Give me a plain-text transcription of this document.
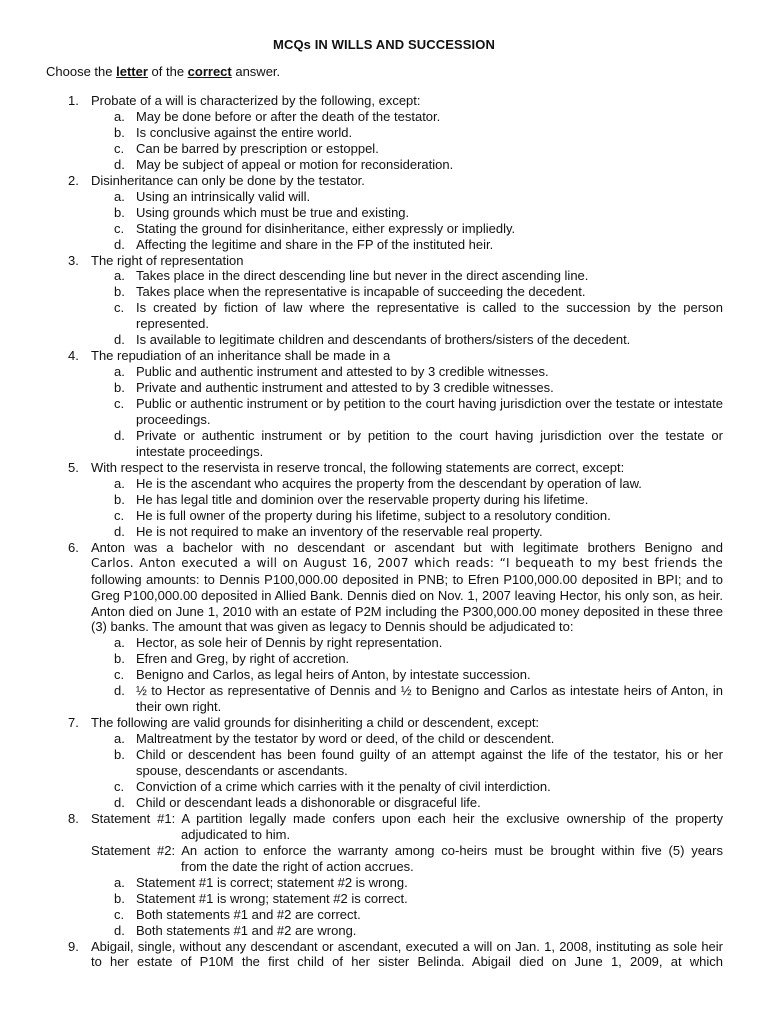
MCQs IN WILLS AND SUCCESSION
Choose the letter of the correct answer.
1. Probate of a will is characterized by the following, except:
a. May be done before or after the death of the testator.
b. Is conclusive against the entire world.
c. Can be barred by prescription or estoppel.
d. May be subject of appeal or motion for reconsideration.
2. Disinheritance can only be done by the testator.
a. Using an intrinsically valid will.
b. Using grounds which must be true and existing.
c. Stating the ground for disinheritance, either expressly or impliedly.
d. Affecting the legitime and share in the FP of the instituted heir.
3. The right of representation
a. Takes place in the direct descending line but never in the direct ascending line.
b. Takes place when the representative is incapable of succeeding the decedent.
c. Is created by fiction of law where the representative is called to the succession by the person represented.
d. Is available to legitimate children and descendants of brothers/sisters of the decedent.
4. The repudiation of an inheritance shall be made in a
a. Public and authentic instrument and attested to by 3 credible witnesses.
b. Private and authentic instrument and attested to by 3 credible witnesses.
c. Public or authentic instrument or by petition to the court having jurisdiction over the testate or intestate proceedings.
d. Private or authentic instrument or by petition to the court having jurisdiction over the testate or intestate proceedings.
5. With respect to the reservista in reserve troncal, the following statements are correct, except:
a. He is the ascendant who acquires the property from the descendant by operation of law.
b. He has legal title and dominion over the reservable property during his lifetime.
c. He is full owner of the property during his lifetime, subject to a resolutory condition.
d. He is not required to make an inventory of the reservable real property.
6. Anton was a bachelor with no descendant or ascendant but with legitimate brothers Benigno and
Carlos. Anton executed a will on August 16, 2007 which reads: “I bequeath to my best friends the
following amounts: to Dennis P100,000.00 deposited in PNB; to Efren P100,000.00 deposited in BPI; and to Greg P100,000.00 deposited in Allied Bank. Dennis died on Nov. 1, 2007 leaving Hector, his only son, as heir. Anton died on June 1, 2010 with an estate of P2M including the P300,000.00 money deposited in these three (3) banks. The amount that was given as legacy to Dennis should be adjudicated to:
a. Hector, as sole heir of Dennis by right representation.
b. Efren and Greg, by right of accretion.
c. Benigno and Carlos, as legal heirs of Anton, by intestate succession.
d. ½ to Hector as representative of Dennis and ½ to Benigno and Carlos as intestate heirs of Anton, in their own right.
7. The following are valid grounds for disinheriting a child or descendent, except:
a. Maltreatment by the testator by word or deed, of the child or descendent.
b. Child or descendent has been found guilty of an attempt against the life of the testator, his or her spouse, descendants or ascendants.
c. Conviction of a crime which carries with it the penalty of civil interdiction.
d. Child or descendant leads a dishonorable or disgraceful life.
8. Statement #1: A partition legally made confers upon each heir the exclusive ownership of the property
adjudicated to him.
Statement #2: An action to enforce the warranty among co-heirs must be brought within five (5) years
from the date the right of action accrues.
a. Statement #1 is correct; statement #2 is wrong.
b. Statement #1 is wrong; statement #2 is correct.
c. Both statements #1 and #2 are correct.
d. Both statements #1 and #2 are wrong.
9. Abigail, single, without any descendant or ascendant, executed a will on Jan. 1, 2008, instituting as sole heir to her estate of P10M the first child of her sister Belinda. Abigail died on June 1, 2009, at which
